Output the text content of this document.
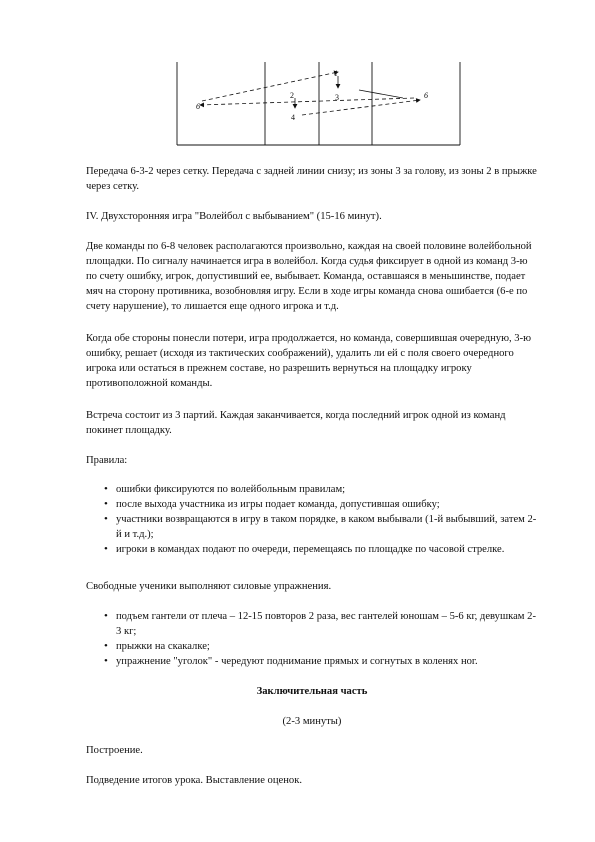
6
1
2	3
4
6

Передача 6-3-2 через сетку. Передача с задней линии снизу; из зоны 3 за голову, из зоны 2 в прыжке через сетку.

IV. Двухсторонняя игра "Волейбол с выбыванием" (15-16 минут).

Две команды по 6-8 человек располагаются произвольно, каждая на своей половине волейбольной площадки. По сигналу начинается игра в волейбол. Когда судья фиксирует в одной из команд 3-ю по счету ошибку, игрок, допустивший ее, выбывает. Команда, оставшаяся в меньшинстве, подает мяч на сторону противника, возобновляя игру. Если в ходе игры команда снова ошибается (6-е по счету нарушение), то лишается еще одного игрока и т.д.

Когда обе стороны понесли потери, игра продолжается, но команда, совершившая очередную, 3-ю ошибку, решает (исходя из тактических соображений), удалить ли ей с поля своего очередного игрока или остаться в прежнем составе, но разрешить вернуться на площадку игроку противоположной команды.

Встреча состоит из 3 партий. Каждая заканчивается, когда последний игрок одной из команд покинет площадку.

Правила:

• ошибки фиксируются по волейбольным правилам;
• после выхода участника из игры подает команда, допустившая ошибку;
• участники возвращаются в игру в таком порядке, в каком выбывали (1-й выбывший, затем 2-й и т.д.);
• игроки в командах подают по очереди, перемещаясь по площадке по часовой стрелке.

Свободные ученики выполняют силовые упражнения.

• подъем гантели от плеча – 12-15 повторов 2 раза, вес гантелей юношам – 5-6 кг, девушкам 2-3 кг;
• прыжки на скакалке;
• упражнение "уголок" - чередуют поднимание прямых и согнутых в коленях ног.

Заключительная часть

(2-3 минуты)

Построение.

Подведение итогов урока. Выставление оценок.
